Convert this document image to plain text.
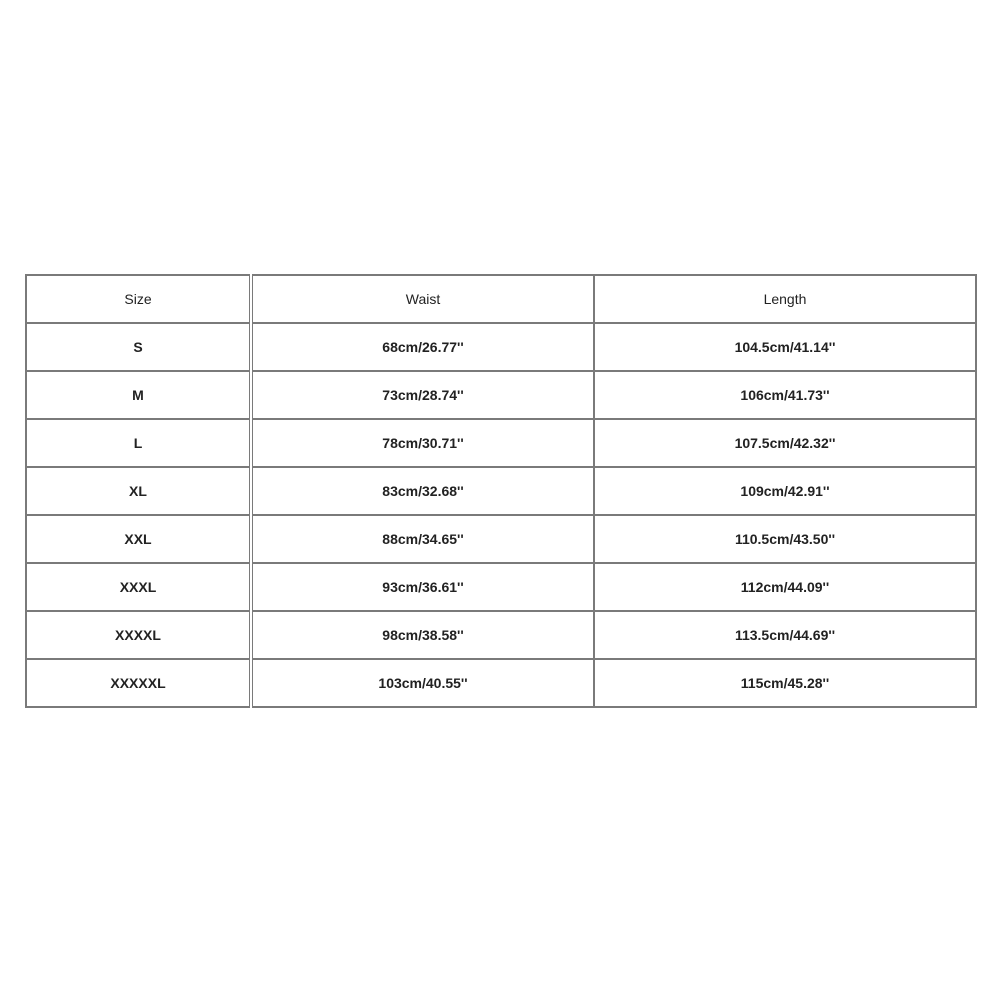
Size	Waist	Length
S	68cm/26.77''	104.5cm/41.14''
M	73cm/28.74''	106cm/41.73''
L	78cm/30.71''	107.5cm/42.32''
XL	83cm/32.68''	109cm/42.91''
XXL	88cm/34.65''	110.5cm/43.50''
XXXL	93cm/36.61''	112cm/44.09''
XXXXL	98cm/38.58''	113.5cm/44.69''
XXXXXL	103cm/40.55''	115cm/45.28''
